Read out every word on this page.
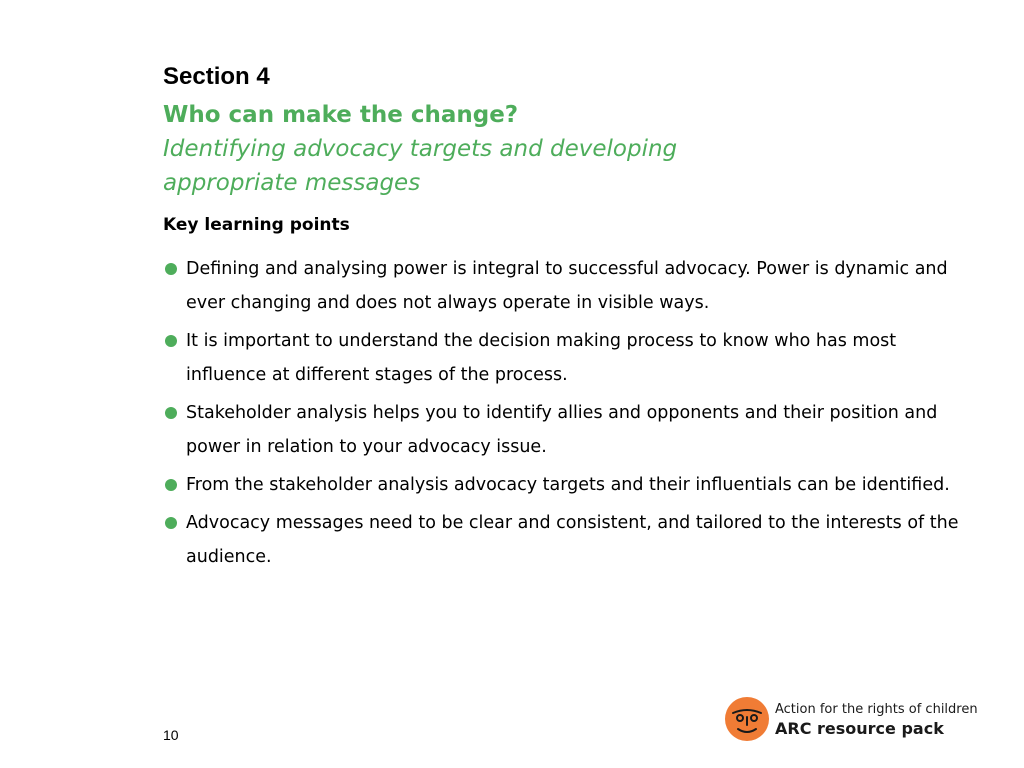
Section 4
Who can make the change?

Identifying advocacy targets and developing appropriate messages

Key learning points
Defining and analysing power is integral to successful advocacy. Power is dynamic and ever changing and does not always operate in visible ways.
It is important to understand the decision making process to know who has most influence at different stages of the process.
Stakeholder analysis helps you to identify allies and opponents and their position and power in relation to your advocacy issue.
From the stakeholder analysis advocacy targets and their influentials can be identified.
Advocacy messages need to be clear and consistent, and tailored to the interests of the audience.
10
Action for the rights of children
ARC resource pack
